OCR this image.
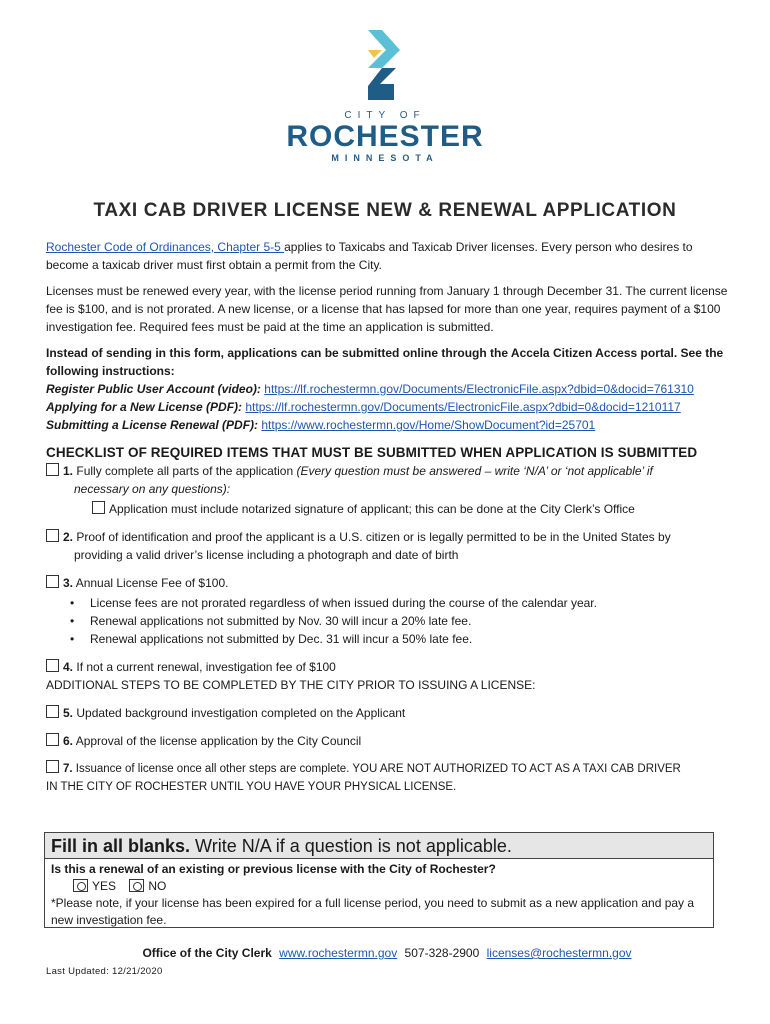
CITY OF
ROCHESTER
MINNESOTA
TAXI CAB DRIVER LICENSE NEW & RENEWAL APPLICATION

Rochester Code of Ordinances, Chapter 5-5 applies to Taxicabs and Taxicab Driver licenses. Every person who desires to become a taxicab driver must first obtain a permit from the City.

Licenses must be renewed every year, with the license period running from January 1 through December 31. The current license fee is $100, and is not prorated. A new license, or a license that has lapsed for more than one year, requires payment of a $100 investigation fee. Required fees must be paid at the time an application is submitted.

Instead of sending in this form, applications can be submitted online through the Accela Citizen Access portal. See the following instructions:

Register Public User Account (video): https://lf.rochestermn.gov/Documents/ElectronicFile.aspx?dbid=0&docid=761310
Applying for a New License (PDF): https://lf.rochestermn.gov/Documents/ElectronicFile.aspx?dbid=0&docid=1210117
Submitting a License Renewal (PDF): https://www.rochestermn.gov/Home/ShowDocument?id=25701
CHECKLIST OF REQUIRED ITEMS THAT MUST BE SUBMITTED WHEN APPLICATION IS SUBMITTED
1. Fully complete all parts of the application (Every question must be answered – write ‘N/A’ or ‘not applicable’ if
necessary on any questions):
Application must include notarized signature of applicant; this can be done at the City Clerk’s Office
2. Proof of identification and proof the applicant is a U.S. citizen or is legally permitted to be in the United States by
providing a valid driver’s license including a photograph and date of birth
3. Annual License Fee of $100.
• License fees are not prorated regardless of when issued during the course of the calendar year.
• Renewal applications not submitted by Nov. 30 will incur a 20% late fee.
• Renewal applications not submitted by Dec. 31 will incur a 50% late fee.
4. If not a current renewal, investigation fee of $100
ADDITIONAL STEPS TO BE COMPLETED BY THE CITY PRIOR TO ISSUING A LICENSE:
5. Updated background investigation completed on the Applicant
6. Approval of the license application by the City Council
7. Issuance of license once all other steps are complete. YOU ARE NOT AUTHORIZED TO ACT AS A TAXI CAB DRIVER
IN THE CITY OF ROCHESTER UNTIL YOU HAVE YOUR PHYSICAL LICENSE.
Fill in all blanks. Write N/A if a question is not applicable.
Is this a renewal of an existing or previous license with the City of Rochester?
YES	NO
*Please note, if your license has been expired for a full license period, you need to submit as a new application and pay a new investigation fee.
Office of the City Clerk www.rochestermn.gov 507-328-2900 licenses@rochestermn.gov
Last Updated: 12/21/2020
